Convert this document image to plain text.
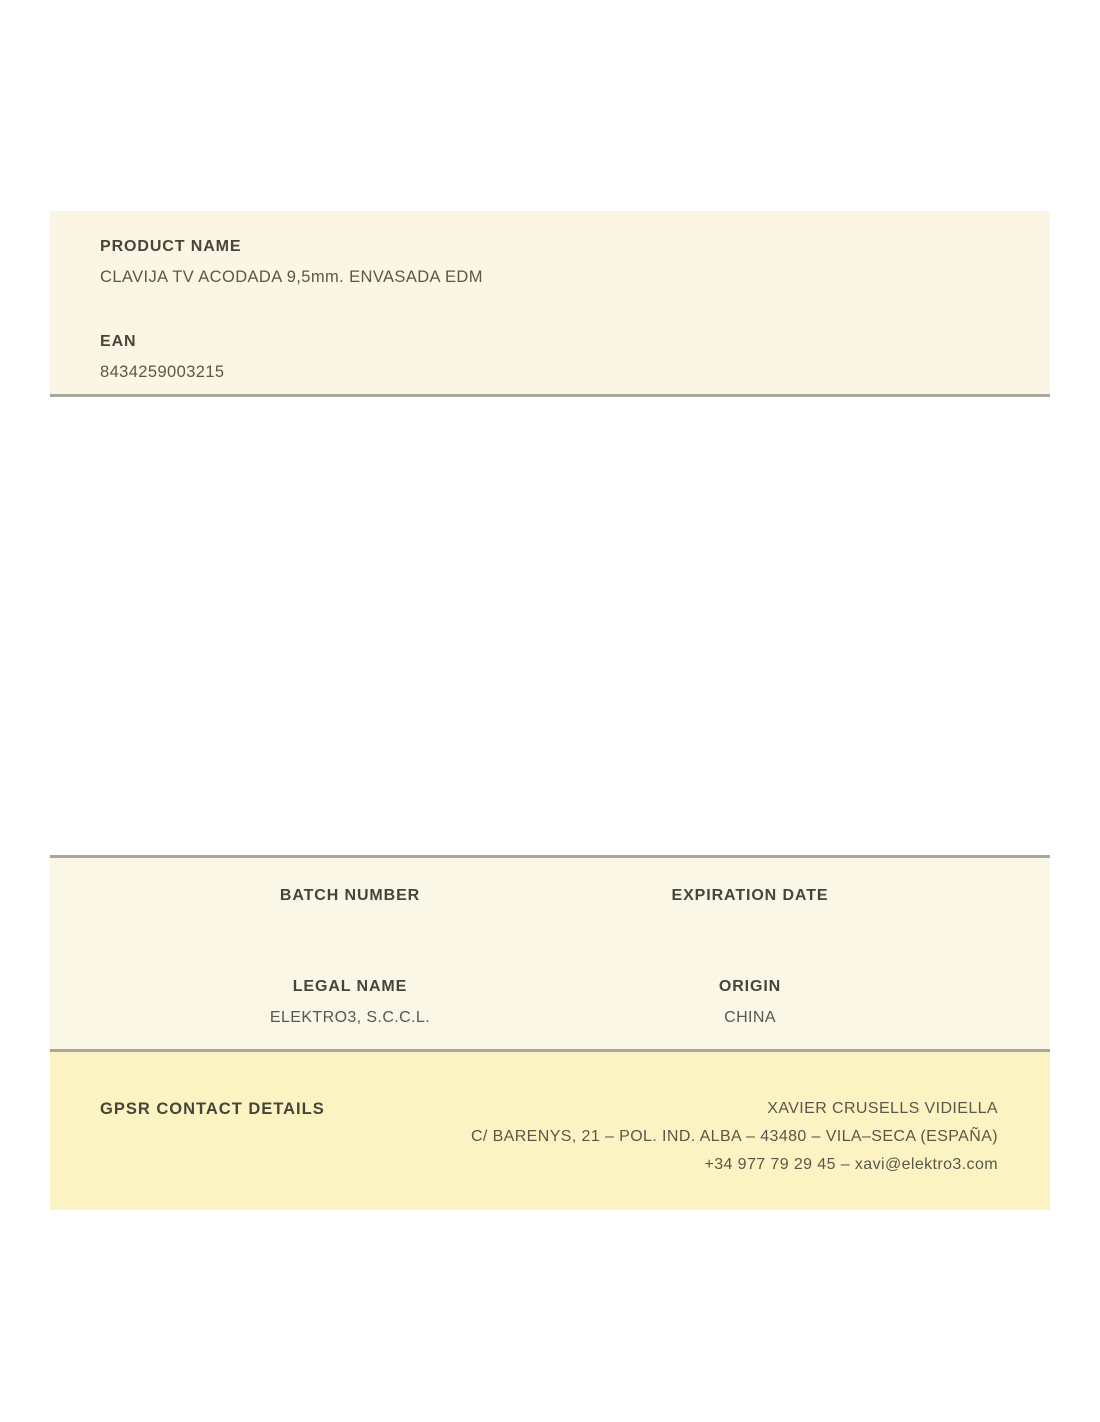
PRODUCT NAME
CLAVIJA TV ACODADA 9,5mm. ENVASADA EDM
EAN
8434259003215
BATCH NUMBER	EXPIRATION DATE
LEGAL NAME
ELEKTRO3, S.C.C.L.
ORIGIN
CHINA
GPSR CONTACT DETAILS	XAVIER CRUSELLS VIDIELLA
C/ BARENYS, 21 – POL. IND. ALBA – 43480 – VILA–SECA (ESPAÑA)
+34 977 79 29 45 – xavi@elektro3.com
